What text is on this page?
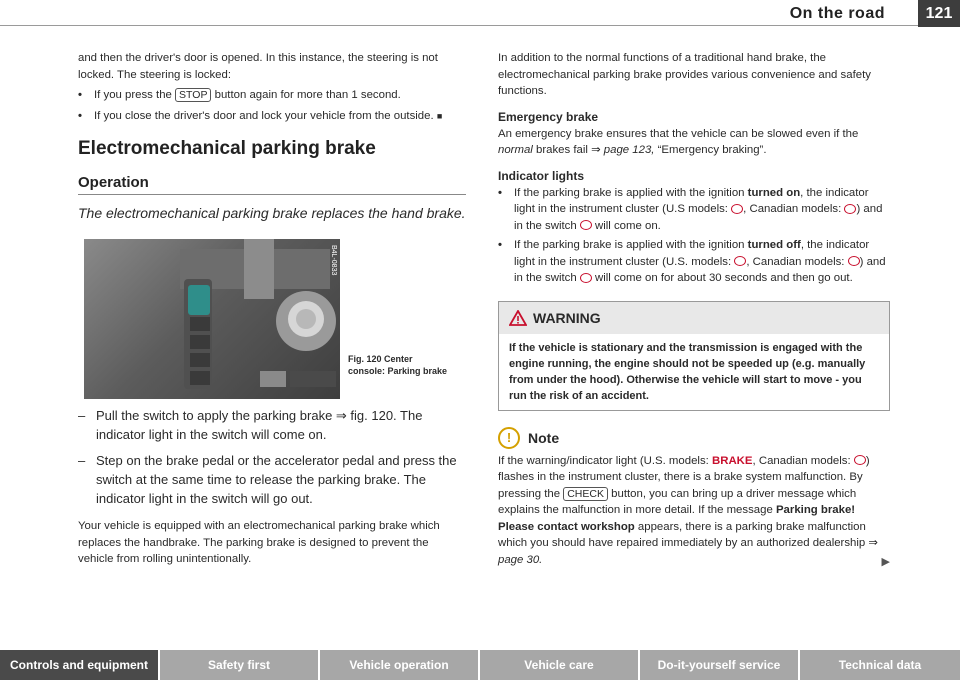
On the road	121

and then the driver's door is opened. In this instance, the steering is not locked. The steering is locked:

•	If you press the STOP button again for more than 1 second.
•	If you close the driver's door and lock your vehicle from the outside. ■
Electromechanical parking brake
Operation
The electromechanical parking brake replaces the hand brake.
B4L-0833
Fig. 120 Center
console: Parking brake
– Pull the switch to apply the parking brake ⇒ fig. 120. The indicator light in the switch will come on.
– Step on the brake pedal or the accelerator pedal and press the switch at the same time to release the parking brake. The indicator light in the switch will go out.

Your vehicle is equipped with an electromechanical parking brake which replaces the handbrake. The parking brake is designed to prevent the vehicle from rolling unintentionally.

In addition to the normal functions of a traditional hand brake, the electromechanical parking brake provides various convenience and safety functions.

Emergency brake

An emergency brake ensures that the vehicle can be slowed even if the normal brakes fail ⇒ page 123, “Emergency braking”.

Indicator lights
•	If the parking brake is applied with the ignition turned on, the indicator light in the instrument cluster (U.S models: , Canadian models: ) and in the switch  will come on.
•	If the parking brake is applied with the ignition turned off, the indicator light in the instrument cluster (U.S. models: , Canadian models: ) and in the switch  will come on for about 30 seconds and then go out.
WARNING
If the vehicle is stationary and the transmission is engaged with the engine running, the engine should not be speeded up (e.g. manually from under the hood). Otherwise the vehicle will start to move - you run the risk of an accident.
!	Note

If the warning/indicator light (U.S. models: BRAKE, Canadian models: ) flashes in the instrument cluster, there is a brake system malfunction. By pressing the CHECK button, you can bring up a driver message which explains the malfunction in more detail. If the message Parking brake! Please contact workshop appears, there is a parking brake malfunction which you should have repaired immediately by an authorized dealership ⇒ page 30.	▶

Controls and equipment	Safety first	Vehicle operation	Vehicle care	Do-it-yourself service	Technical data
